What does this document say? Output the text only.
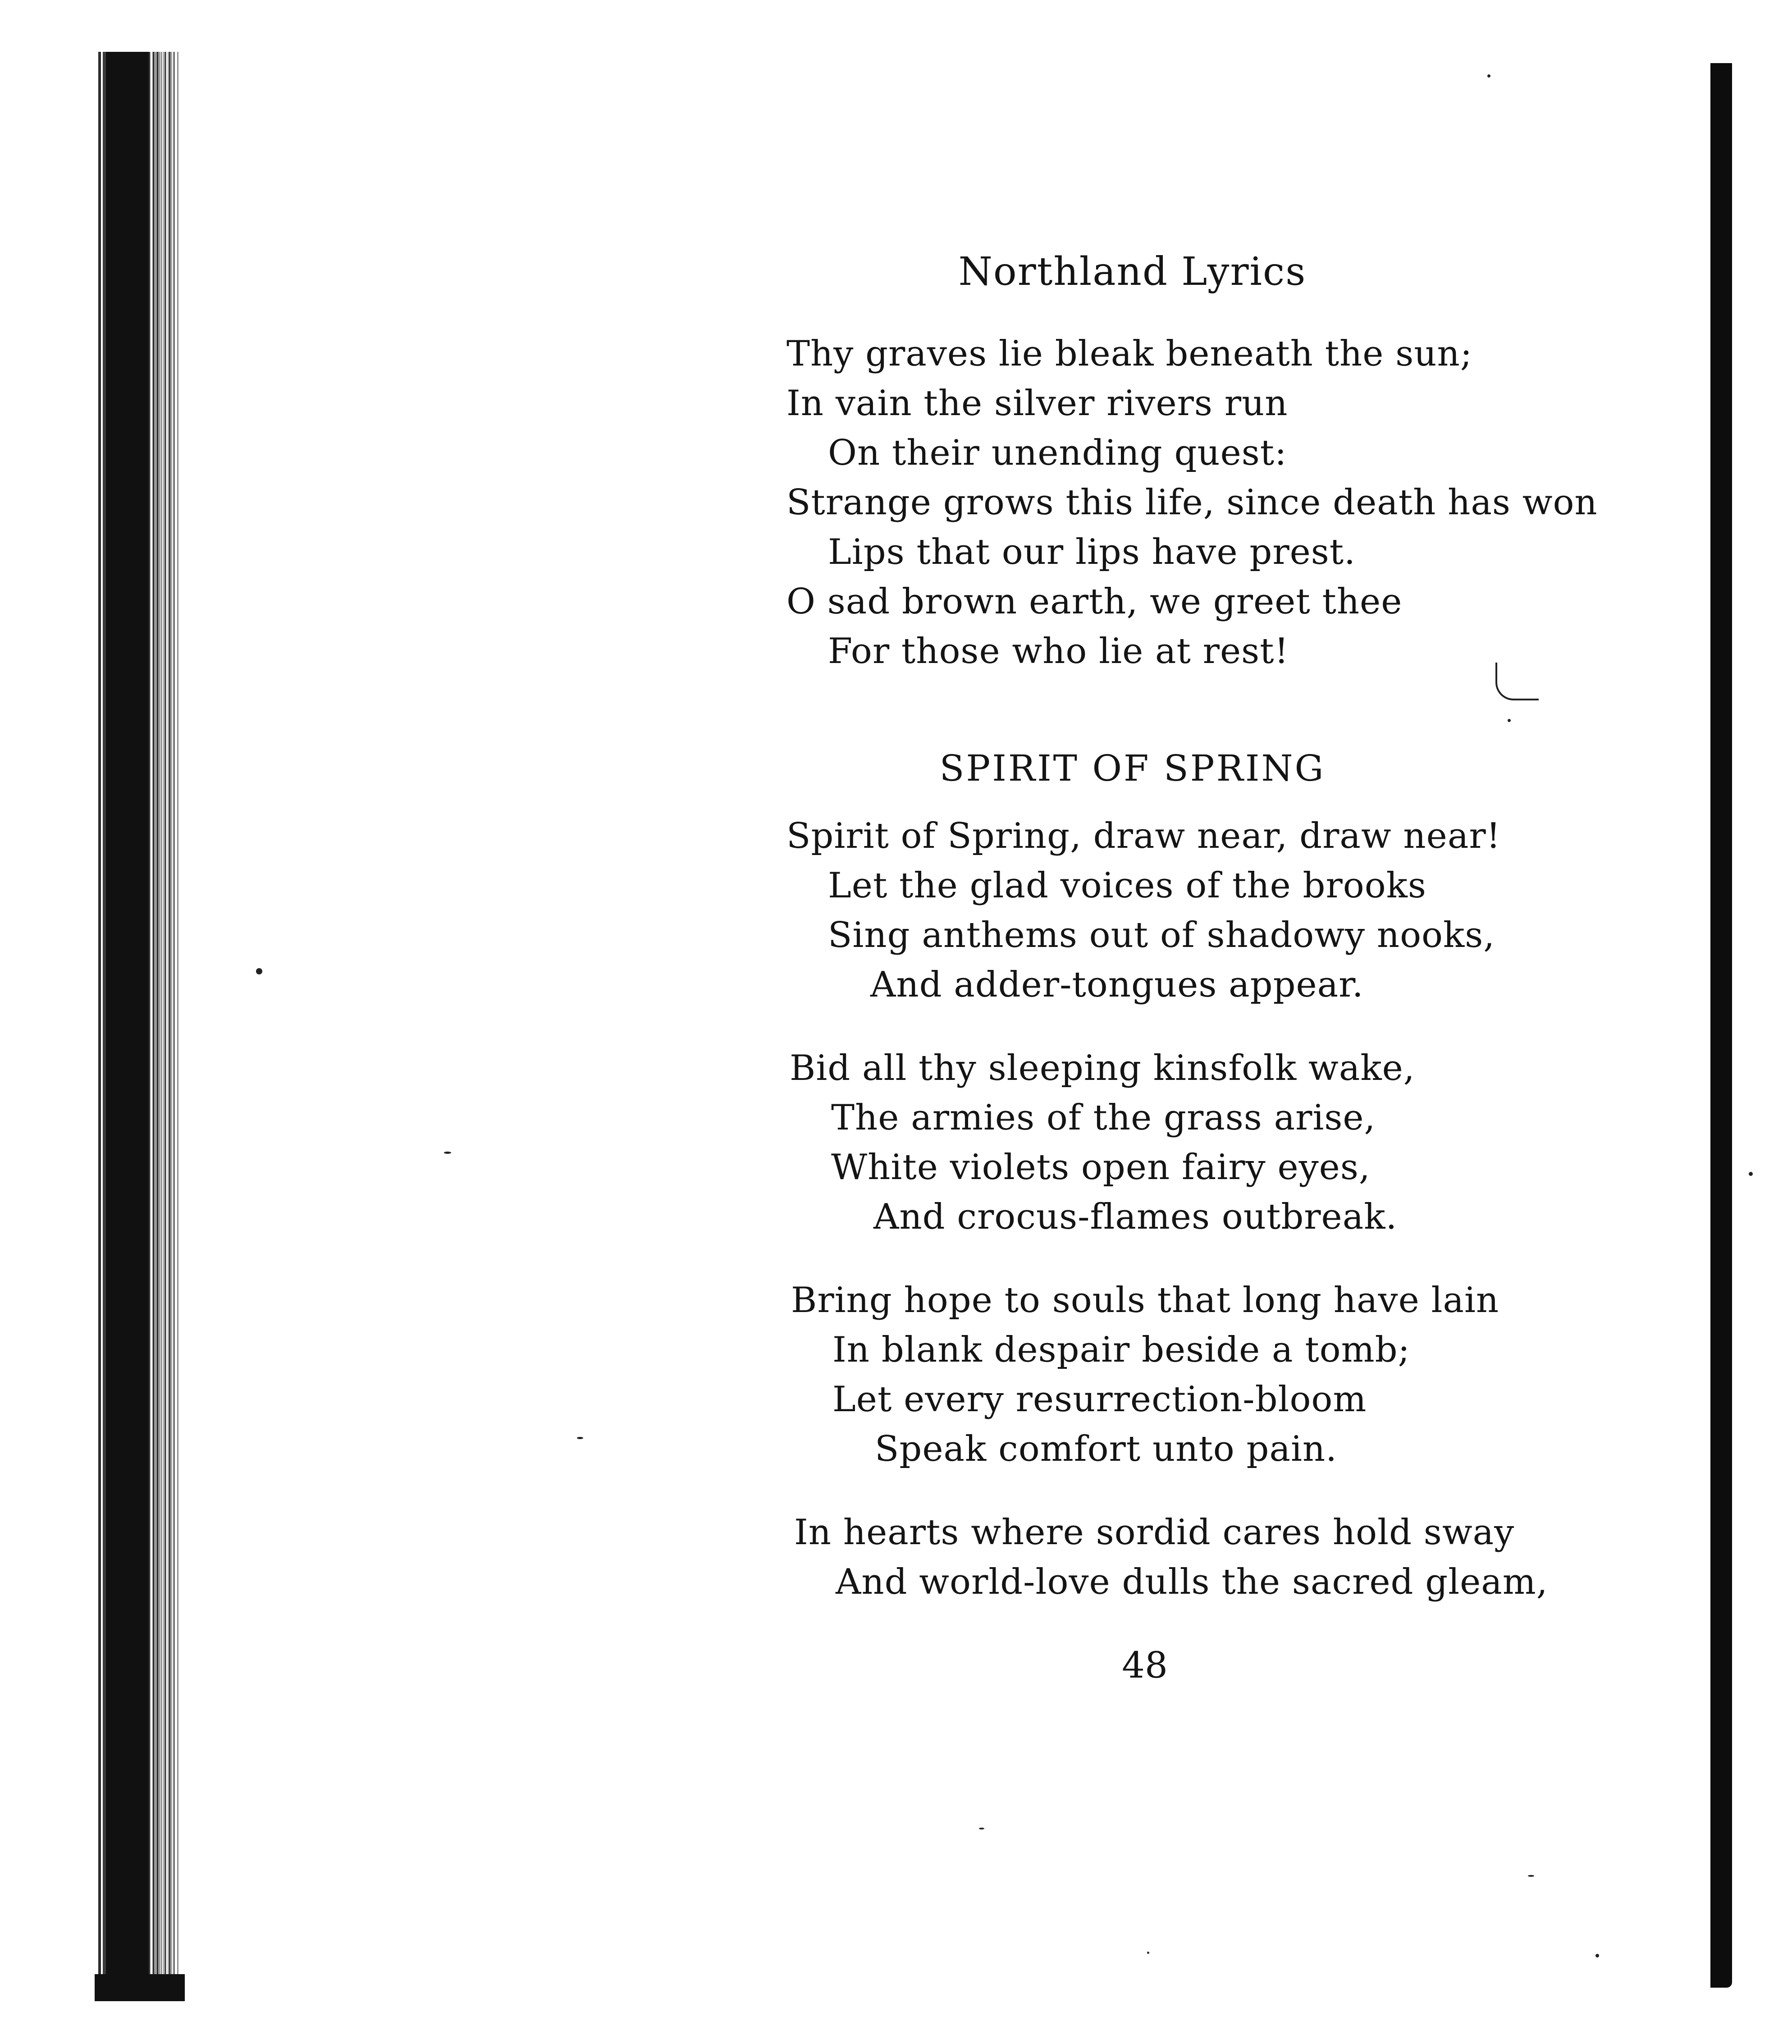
Northland Lyrics
Thy graves lie bleak beneath the sun;
In vain the silver rivers run
On their unending quest:
Strange grows this life, since death has won
Lips that our lips have prest.
O sad brown earth, we greet thee
For those who lie at rest!
SPIRIT OF SPRING
Spirit of Spring, draw near, draw near!
Let the glad voices of the brooks
Sing anthems out of shadowy nooks,
And adder-tongues appear.
Bid all thy sleeping kinsfolk wake,
The armies of the grass arise,
White violets open fairy eyes,
And crocus-flames outbreak.
Bring hope to souls that long have lain
In blank despair beside a tomb;
Let every resurrection-bloom
Speak comfort unto pain.
In hearts where sordid cares hold sway
And world-love dulls the sacred gleam,
48
